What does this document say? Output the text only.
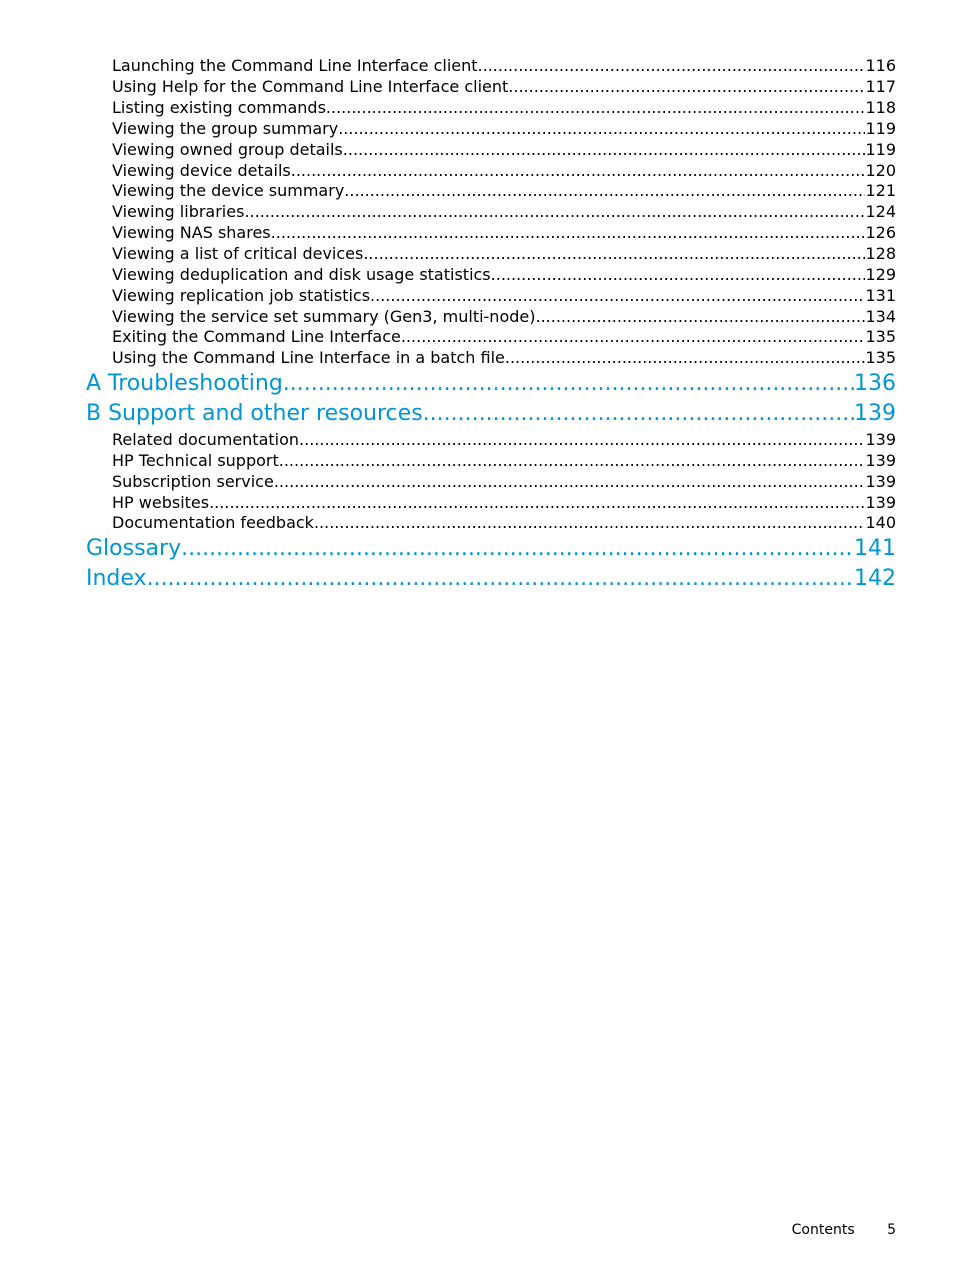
Launching the Command Line Interface client .....	116
Using Help for the Command Line Interface client .....	117
Listing existing commands .....	118
Viewing the group summary .....	119
Viewing owned group details .....	119
Viewing device details .....	120
Viewing the device summary .....	121
Viewing libraries .....	124
Viewing NAS shares .....	126
Viewing a list of critical devices .....	128
Viewing deduplication and disk usage statistics .....	129
Viewing replication job statistics .....	131
Viewing the service set summary (Gen3, multi-node) .....	134
Exiting the Command Line Interface .....	135
Using the Command Line Interface in a batch file .....	135
A Troubleshooting .....	136
B Support and other resources .....	139
Related documentation .....	139
HP Technical support .....	139
Subscription service .....	139
HP websites .....	139
Documentation feedback .....	140
Glossary .....	141
Index .....	142
Contents 5
